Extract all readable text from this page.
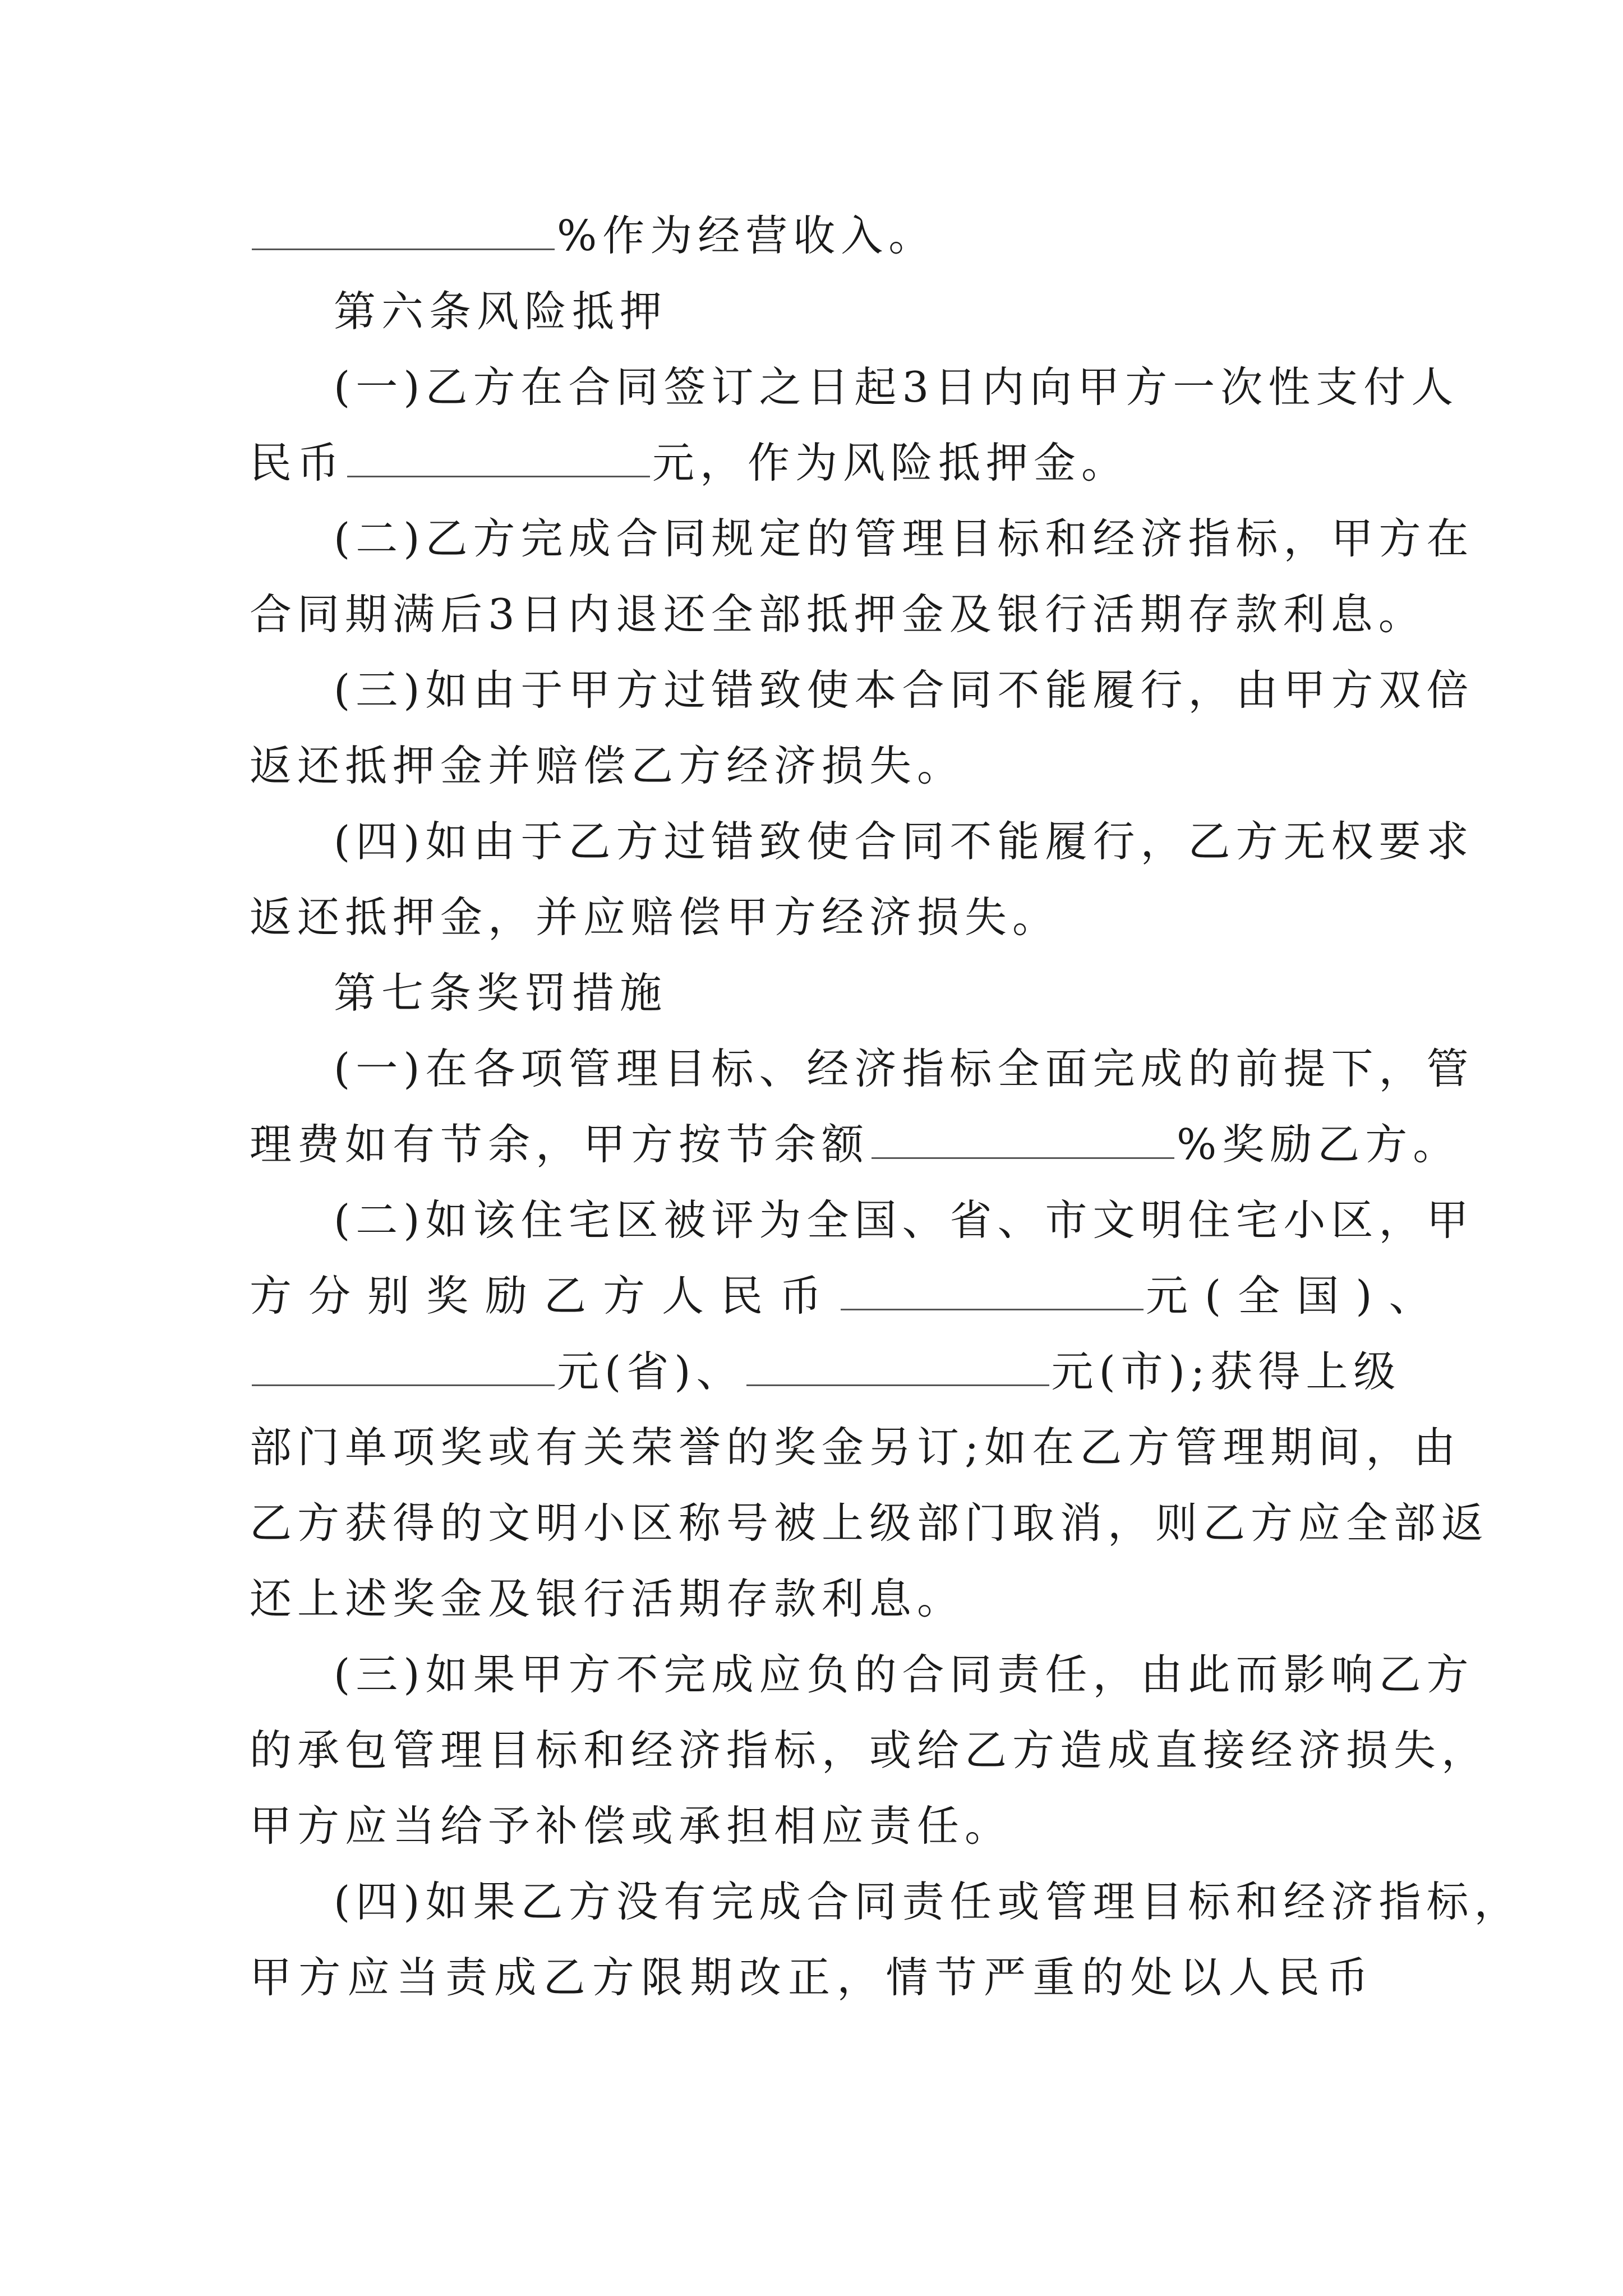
%作为经营收入。
第六条风险抵押
(一)乙方在合同签订之日起3日内向甲方一次性支付人
民币	元，作为风险抵押金。
(二)乙方完成合同规定的管理目标和经济指标，甲方在
合同期满后3日内退还全部抵押金及银行活期存款利息。
(三)如由于甲方过错致使本合同不能履行，由甲方双倍
返还抵押金并赔偿乙方经济损失。
(四)如由于乙方过错致使合同不能履行，乙方无权要求
返还抵押金，并应赔偿甲方经济损失。
第七条奖罚措施
(一)在各项管理目标、经济指标全面完成的前提下，管
理费如有节余，甲方按节余额	%奖励乙方。
(二)如该住宅区被评为全国、省、市文明住宅小区，甲
方分别奖励乙方人民币	元(全国)、
元(省)、	元(市);获得上级
部门单项奖或有关荣誉的奖金另订;如在乙方管理期间，由
乙方获得的文明小区称号被上级部门取消，则乙方应全部返
还上述奖金及银行活期存款利息。
(三)如果甲方不完成应负的合同责任，由此而影响乙方
的承包管理目标和经济指标，或给乙方造成直接经济损失，
甲方应当给予补偿或承担相应责任。
(四)如果乙方没有完成合同责任或管理目标和经济指标，
甲方应当责成乙方限期改正，情节严重的处以人民币
